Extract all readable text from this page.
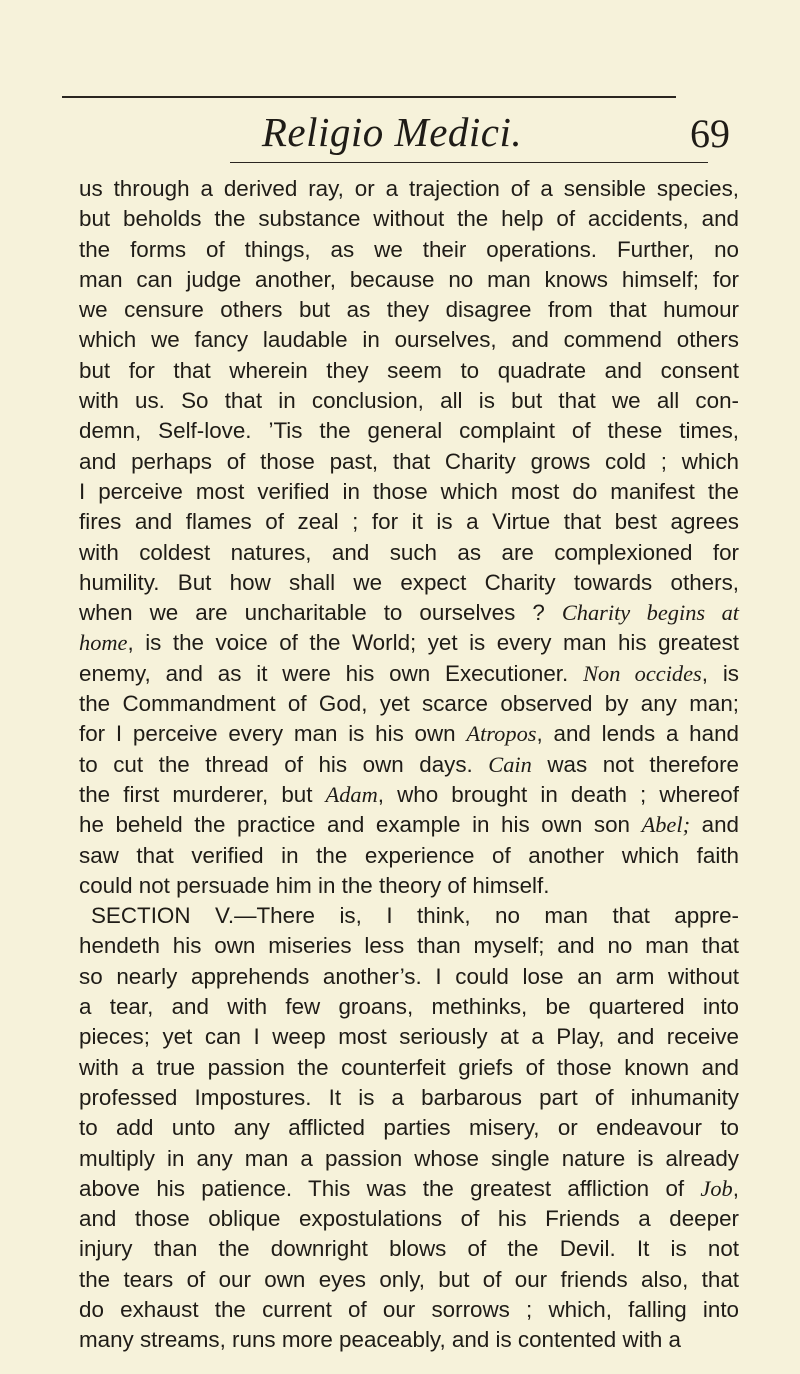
Religio Medici.	69
us through a derived ray, or a trajection of a sensible species,
but beholds the substance without the help of accidents, and
the forms of things, as we their operations. Further, no
man can judge another, because no man knows himself; for
we censure others but as they disagree from that humour
which we fancy laudable in ourselves, and commend others
but for that wherein they seem to quadrate and consent
with us. So that in conclusion, all is but that we all con-
demn, Self-love. ’Tis the general complaint of these times,
and perhaps of those past, that Charity grows cold ; which
I perceive most verified in those which most do manifest the
fires and flames of zeal ; for it is a Virtue that best agrees
with coldest natures, and such as are complexioned for
humility. But how shall we expect Charity towards others,
when we are uncharitable to ourselves ? Charity begins at
home, is the voice of the World; yet is every man his greatest
enemy, and as it were his own Executioner. Non occides, is
the Commandment of God, yet scarce observed by any man;
for I perceive every man is his own Atropos, and lends a hand
to cut the thread of his own days. Cain was not therefore
the first murderer, but Adam, who brought in death ; whereof
he beheld the practice and example in his own son Abel; and
saw that verified in the experience of another which faith
could not persuade him in the theory of himself.
SECTION V.—There is, I think, no man that appre-
hendeth his own miseries less than myself; and no man that
so nearly apprehends another’s. I could lose an arm without
a tear, and with few groans, methinks, be quartered into
pieces; yet can I weep most seriously at a Play, and receive
with a true passion the counterfeit griefs of those known and
professed Impostures. It is a barbarous part of inhumanity
to add unto any afflicted parties misery, or endeavour to
multiply in any man a passion whose single nature is already
above his patience. This was the greatest affliction of Job,
and those oblique expostulations of his Friends a deeper
injury than the downright blows of the Devil. It is not
the tears of our own eyes only, but of our friends also, that
do exhaust the current of our sorrows ; which, falling into
many streams, runs more peaceably, and is contented with a
